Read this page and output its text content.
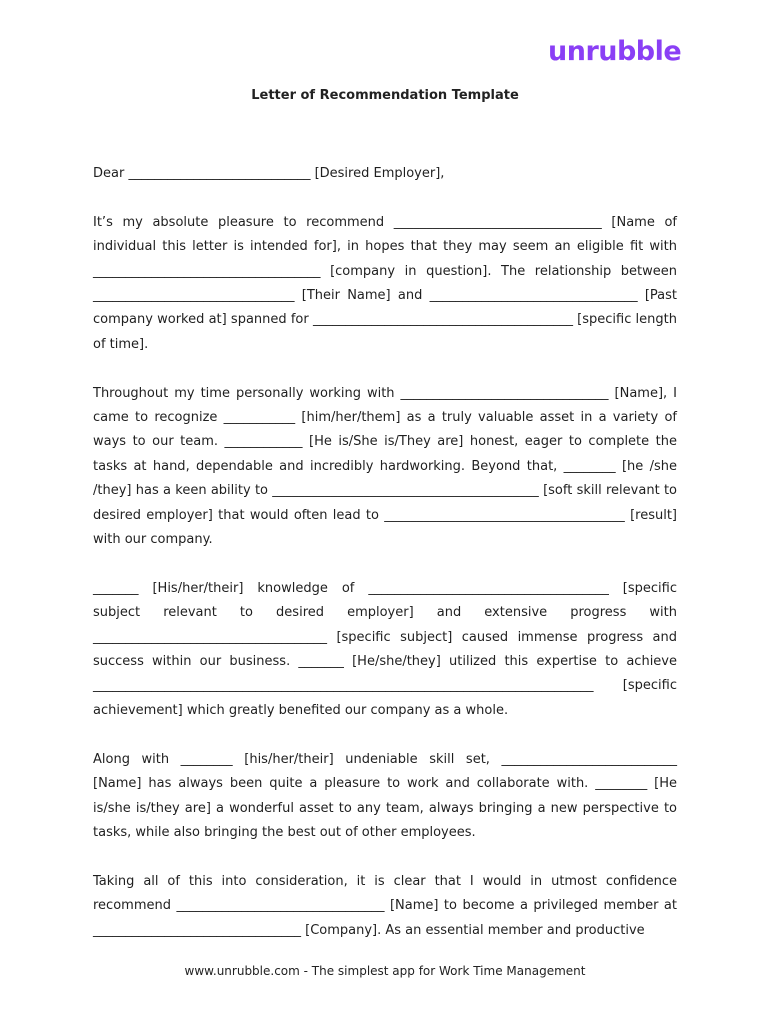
unrubble
Letter of Recommendation Template

Dear ____________________________ [Desired Employer],

It’s my absolute pleasure to recommend ________________________________ [Name of individual this letter is intended for], in hopes that they may seem an eligible fit with ___________________________________ [company in question]. The relationship between _______________________________ [Their Name] and ________________________________ [Past company worked at] spanned for ________________________________________ [specific length of time].

Throughout my time personally working with ________________________________ [Name], I came to recognize ___________ [him/her/them] as a truly valuable asset in a variety of ways to our team. ____________ [He is/She is/They are] honest, eager to complete the tasks at hand, dependable and incredibly hardworking. Beyond that, ________ [he /she /they] has a keen ability to _________________________________________ [soft skill relevant to desired employer] that would often lead to _____________________________________ [result] with our company.

_______ [His/her/their] knowledge of _____________________________________ [specific subject relevant to desired employer] and extensive progress with ____________________________________ [specific subject] caused immense progress and success within our business. _______ [He/she/they] utilized this expertise to achieve _____________________________________________________________________________ [specific achievement] which greatly benefited our company as a whole.

Along with ________ [his/her/their] undeniable skill set, ___________________________ [Name] has always been quite a pleasure to work and collaborate with. ________ [He is/she is/they are] a wonderful asset to any team, always bringing a new perspective to tasks, while also bringing the best out of other employees.

Taking all of this into consideration, it is clear that I would in utmost confidence recommend ________________________________ [Name] to become a privileged member at ________________________________ [Company]. As an essential member and productive

www.unrubble.com - The simplest app for Work Time Management
